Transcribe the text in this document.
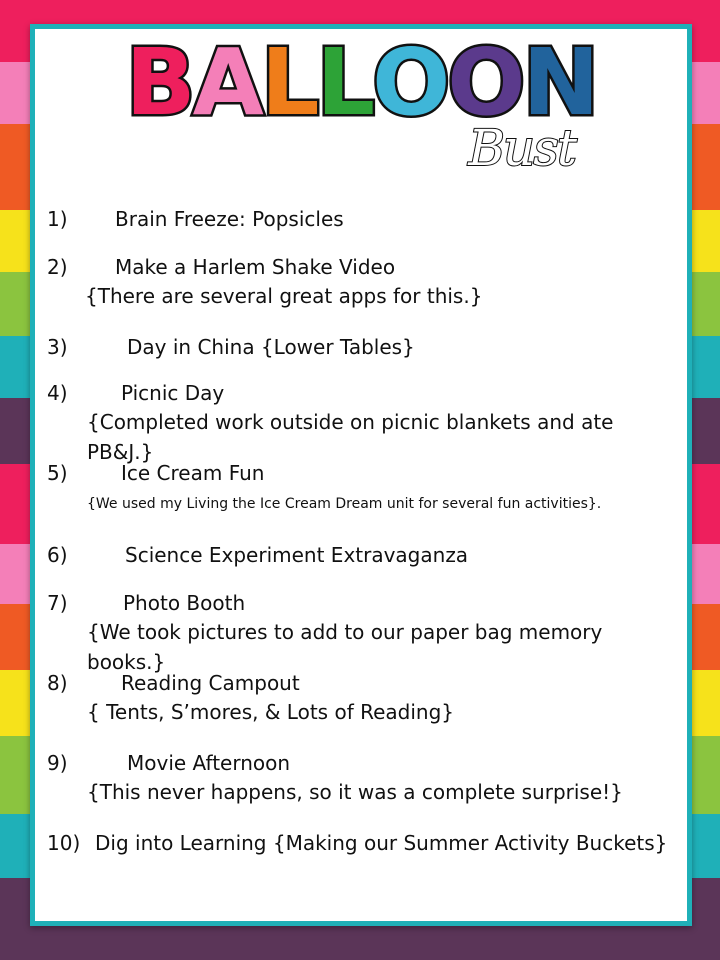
B A L L O O N
Bust
1)	Brain Freeze: Popsicles
2)	Make a Harlem Shake Video
{There are several great apps for this.}
3)	Day in China {Lower Tables}
4)	Picnic Day
{Completed work outside on picnic blankets and ate PB&J.}
5)	Ice Cream Fun
{We used my Living the Ice Cream Dream unit for several fun activities}.
6)	Science Experiment Extravaganza
7)	Photo Booth
{We took pictures to add to our paper bag memory books.}
8)	Reading Campout
{ Tents, S’mores, & Lots of Reading}
9)	Movie Afternoon
{This never happens, so it was a complete surprise!}
10) Dig into Learning {Making our Summer Activity Buckets}
